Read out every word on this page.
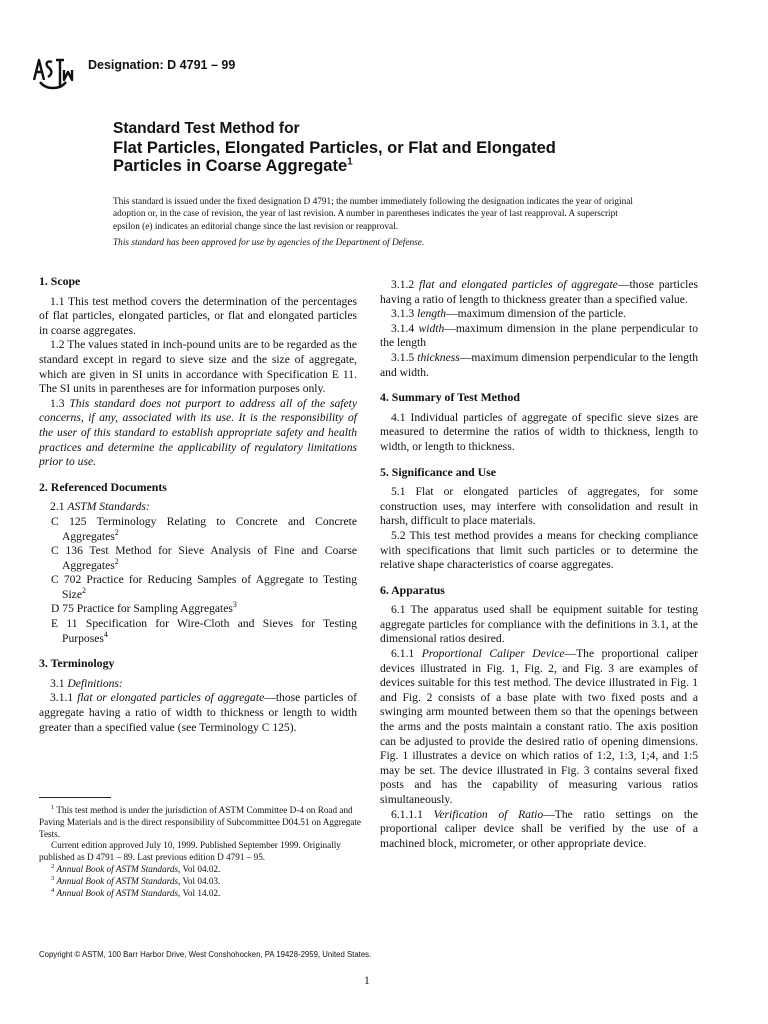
Designation: D 4791 – 99
Standard Test Method for
Flat Particles, Elongated Particles, or Flat and Elongated
Particles in Coarse Aggregate$^1$
This standard is issued under the fixed designation D 4791; the number immediately following the designation indicates the year of original adoption or, in the case of revision, the year of last revision. A number in parentheses indicates the year of last reapproval. A superscript epsilon (e) indicates an editorial change since the last revision or reapproval.
This standard has been approved for use by agencies of the Department of Defense.
1. Scope

1.1 This test method covers the determination of the percentages of flat particles, elongated particles, or flat and elongated particles in coarse aggregates.

1.2 The values stated in inch-pound units are to be regarded as the standard except in regard to sieve size and the size of aggregate, which are given in SI units in accordance with Specification E 11. The SI units in parentheses are for information purposes only.

1.3 This standard does not purport to address all of the safety concerns, if any, associated with its use. It is the responsibility of the user of this standard to establish appropriate safety and health practices and determine the applicability of regulatory limitations prior to use.

2. Referenced Documents

2.1 ASTM Standards:

C 125 Terminology Relating to Concrete and Concrete Aggregates$^2$

C 136 Test Method for Sieve Analysis of Fine and Coarse Aggregates$^2$

C 702 Practice for Reducing Samples of Aggregate to Testing Size$^2$

D 75 Practice for Sampling Aggregates$^3$

E 11 Specification for Wire-Cloth and Sieves for Testing Purposes$^4$

3. Terminology

3.1 Definitions:

3.1.1 flat or elongated particles of aggregate—those particles of aggregate having a ratio of width to thickness or length to width greater than a specified value (see Terminology C 125).

3.1.2 flat and elongated particles of aggregate—those particles having a ratio of length to thickness greater than a specified value.

3.1.3 length—maximum dimension of the particle.

3.1.4 width—maximum dimension in the plane perpendicular to the length

3.1.5 thickness—maximum dimension perpendicular to the length and width.

4. Summary of Test Method

4.1 Individual particles of aggregate of specific sieve sizes are measured to determine the ratios of width to thickness, length to width, or length to thickness.

5. Significance and Use

5.1 Flat or elongated particles of aggregates, for some construction uses, may interfere with consolidation and result in harsh, difficult to place materials.

5.2 This test method provides a means for checking compliance with specifications that limit such particles or to determine the relative shape characteristics of coarse aggregates.

6. Apparatus

6.1 The apparatus used shall be equipment suitable for testing aggregate particles for compliance with the definitions in 3.1, at the dimensional ratios desired.

6.1.1 Proportional Caliper Device—The proportional caliper devices illustrated in Fig. 1, Fig. 2, and Fig. 3 are examples of devices suitable for this test method. The device illustrated in Fig. 1 and Fig. 2 consists of a base plate with two fixed posts and a swinging arm mounted between them so that the openings between the arms and the posts maintain a constant ratio. The axis position can be adjusted to provide the desired ratio of opening dimensions. Fig. 1 illustrates a device on which ratios of 1:2, 1:3, 1;4, and 1:5 may be set. The device illustrated in Fig. 3 contains several fixed posts and has the capability of measuring various ratios simultaneously.

6.1.1.1 Verification of Ratio—The ratio settings on the proportional caliper device shall be verified by the use of a machined block, micrometer, or other appropriate device.

$^1$ This test method is under the jurisdiction of ASTM Committee D-4 on Road and Paving Materials and is the direct responsibility of Subcommittee D04.51 on Aggregate Tests.

Current edition approved July 10, 1999. Published September 1999. Originally published as D 4791 – 89. Last previous edition D 4791 – 95.

$^2$ Annual Book of ASTM Standards, Vol 04.02.

$^3$ Annual Book of ASTM Standards, Vol 04.03.

$^4$ Annual Book of ASTM Standards, Vol 14.02.

Copyright © ASTM, 100 Barr Harbor Drive, West Conshohocken, PA 19428-2959, United States.
1
